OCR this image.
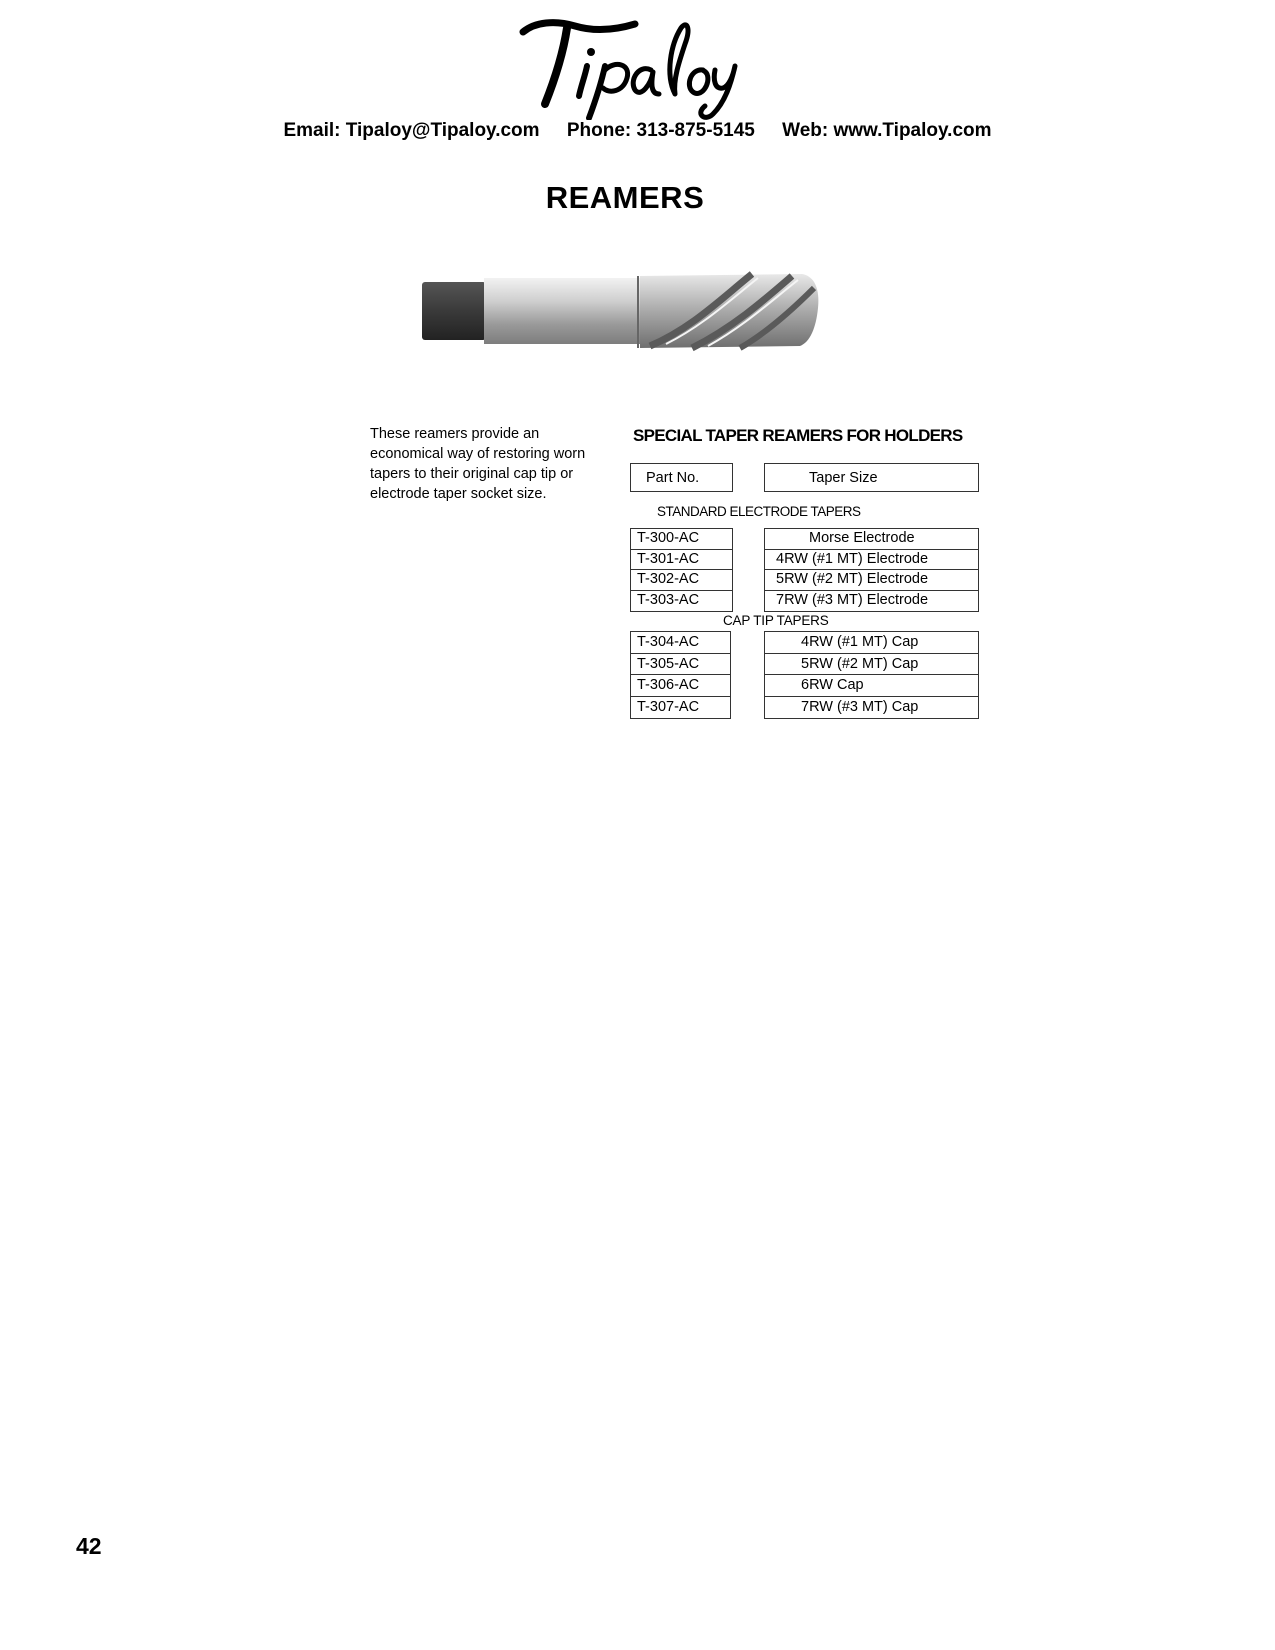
Email: Tipaloy@Tipaloy.com Phone: 313-875-5145 Web: www.Tipaloy.com
REAMERS
These reamers provide an
economical way of restoring worn
tapers to their original cap tip or
electrode taper socket size.
SPECIAL TAPER REAMERS FOR HOLDERS
Part No.	Taper Size
STANDARD ELECTRODE TAPERS
T-300-AC
T-301-AC
T-302-AC
T-303-AC
Morse Electrode
4RW (#1 MT) Electrode
5RW (#2 MT) Electrode
7RW (#3 MT) Electrode
CAP TIP TAPERS
T-304-AC
T-305-AC
T-306-AC
T-307-AC
4RW (#1 MT) Cap
5RW (#2 MT) Cap
6RW Cap
7RW (#3 MT) Cap
42
